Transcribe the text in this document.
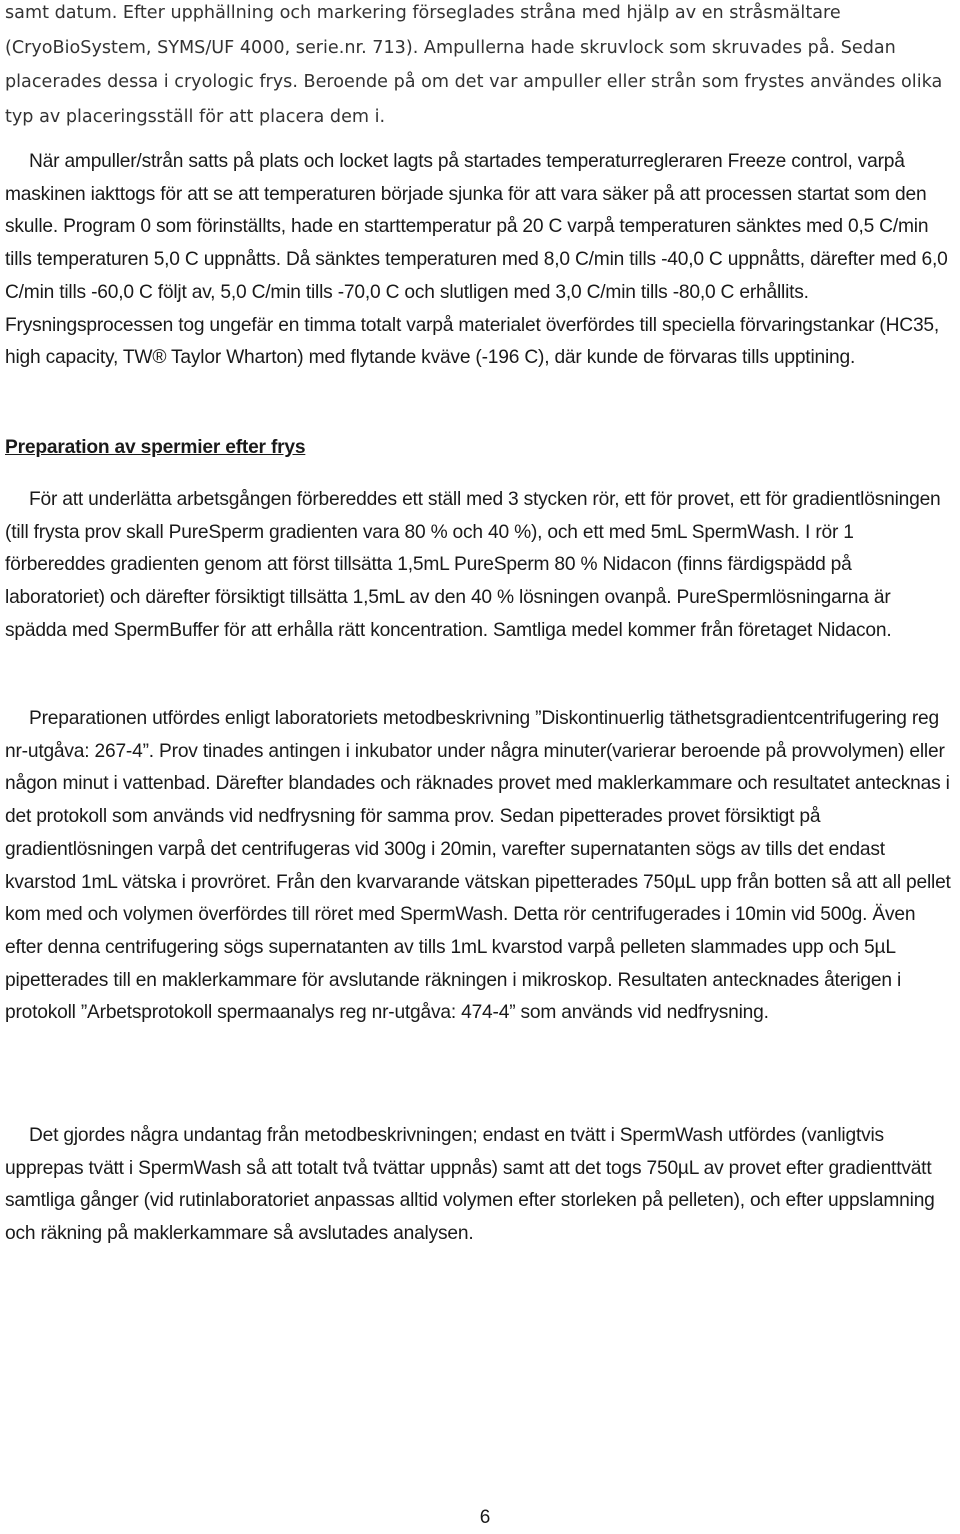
samt datum. Efter upphällning och markering förseglades stråna med hjälp av en stråsmältare (CryoBioSystem, SYMS/UF 4000, serie.nr. 713). Ampullerna hade skruvlock som skruvades på. Sedan placerades dessa i cryologic frys. Beroende på om det var ampuller eller strån som frystes användes olika typ av placeringsställ för att placera dem i.

När ampuller/strån satts på plats och locket lagts på startades temperaturregleraren Freeze control, varpå maskinen iakttogs för att se att temperaturen började sjunka för att vara säker på att processen startat som den skulle. Program 0 som förinställts, hade en starttemperatur på 20 C varpå temperaturen sänktes med 0,5 C/min tills temperaturen 5,0 C uppnåtts. Då sänktes temperaturen med 8,0 C/min tills -40,0 C uppnåtts, därefter med 6,0 C/min tills -60,0 C följt av, 5,0 C/min tills -70,0 C och slutligen med 3,0 C/min tills -80,0 C erhållits. Frysningsprocessen tog ungefär en timma totalt varpå materialet överfördes till speciella förvaringstankar (HC35, high capacity, TW® Taylor Wharton) med flytande kväve (-196 C), där kunde de förvaras tills upptining.

Preparation av spermier efter frys

För att underlätta arbetsgången förbereddes ett ställ med 3 stycken rör, ett för provet, ett för gradientlösningen (till frysta prov skall PureSperm gradienten vara 80 % och 40 %), och ett med 5mL SpermWash. I rör 1 förbereddes gradienten genom att först tillsätta 1,5mL PureSperm 80 % Nidacon (finns färdigspädd på laboratoriet) och därefter försiktigt tillsätta 1,5mL av den 40 % lösningen ovanpå. PureSpermlösningarna är spädda med SpermBuffer för att erhålla rätt koncentration. Samtliga medel kommer från företaget Nidacon.

Preparationen utfördes enligt laboratoriets metodbeskrivning ”Diskontinuerlig täthetsgradientcentrifugering reg nr-utgåva: 267-4”. Prov tinades antingen i inkubator under några minuter(varierar beroende på provvolymen) eller någon minut i vattenbad. Därefter blandades och räknades provet med maklerkammare och resultatet antecknas i det protokoll som används vid nedfrysning för samma prov. Sedan pipetterades provet försiktigt på gradientlösningen varpå det centrifugeras vid 300g i 20min, varefter supernatanten sögs av tills det endast kvarstod 1mL vätska i provröret. Från den kvarvarande vätskan pipetterades 750µL upp från botten så att all pellet kom med och volymen överfördes till röret med SpermWash. Detta rör centrifugerades i 10min vid 500g. Även efter denna centrifugering sögs supernatanten av tills 1mL kvarstod varpå pelleten slammades upp och 5µL pipetterades till en maklerkammare för avslutande räkningen i mikroskop. Resultaten antecknades återigen i protokoll ”Arbetsprotokoll spermaanalys reg nr-utgåva: 474-4” som används vid nedfrysning.

Det gjordes några undantag från metodbeskrivningen; endast en tvätt i SpermWash utfördes (vanligtvis upprepas tvätt i SpermWash så att totalt två tvättar uppnås) samt att det togs 750µL av provet efter gradienttvätt samtliga gånger (vid rutinlaboratoriet anpassas alltid volymen efter storleken på pelleten), och efter uppslamning och räkning på maklerkammare så avslutades analysen.

6
